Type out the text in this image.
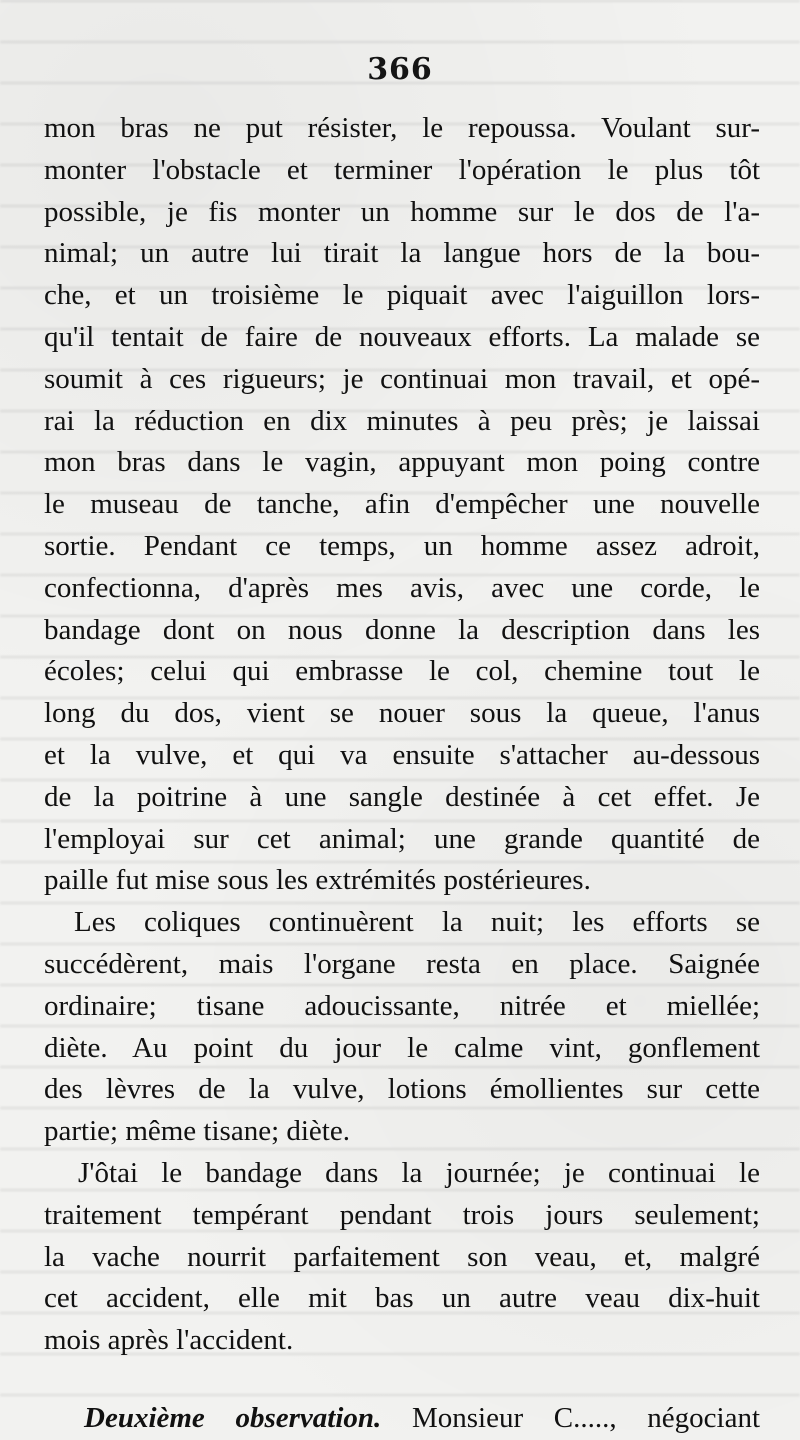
366
mon bras ne put résister, le repoussa. Voulant sur-
monter l'obstacle et terminer l'opération le plus tôt
possible, je fis monter un homme sur le dos de l'a-
nimal; un autre lui tirait la langue hors de la bou-
che, et un troisième le piquait avec l'aiguillon lors-
qu'il tentait de faire de nouveaux efforts. La malade se
soumit à ces rigueurs; je continuai mon travail, et opé-
rai la réduction en dix minutes à peu près; je laissai
mon bras dans le vagin, appuyant mon poing contre
le museau de tanche, afin d'empêcher une nouvelle
sortie. Pendant ce temps, un homme assez adroit,
confectionna, d'après mes avis, avec une corde, le
bandage dont on nous donne la description dans les
écoles; celui qui embrasse le col, chemine tout le
long du dos, vient se nouer sous la queue, l'anus
et la vulve, et qui va ensuite s'attacher au-dessous
de la poitrine à une sangle destinée à cet effet. Je
l'employai sur cet animal; une grande quantité de
paille fut mise sous les extrémités postérieures.
Les coliques continuèrent la nuit; les efforts se
succédèrent, mais l'organe resta en place. Saignée
ordinaire; tisane adoucissante, nitrée et miellée;
diète. Au point du jour le calme vint, gonflement
des lèvres de la vulve, lotions émollientes sur cette
partie; même tisane; diète.
J'ôtai le bandage dans la journée; je continuai le
traitement tempérant pendant trois jours seulement;
la vache nourrit parfaitement son veau, et, malgré
cet accident, elle mit bas un autre veau dix-huit
mois après l'accident.
Deuxième observation. Monsieur C....., négociant
